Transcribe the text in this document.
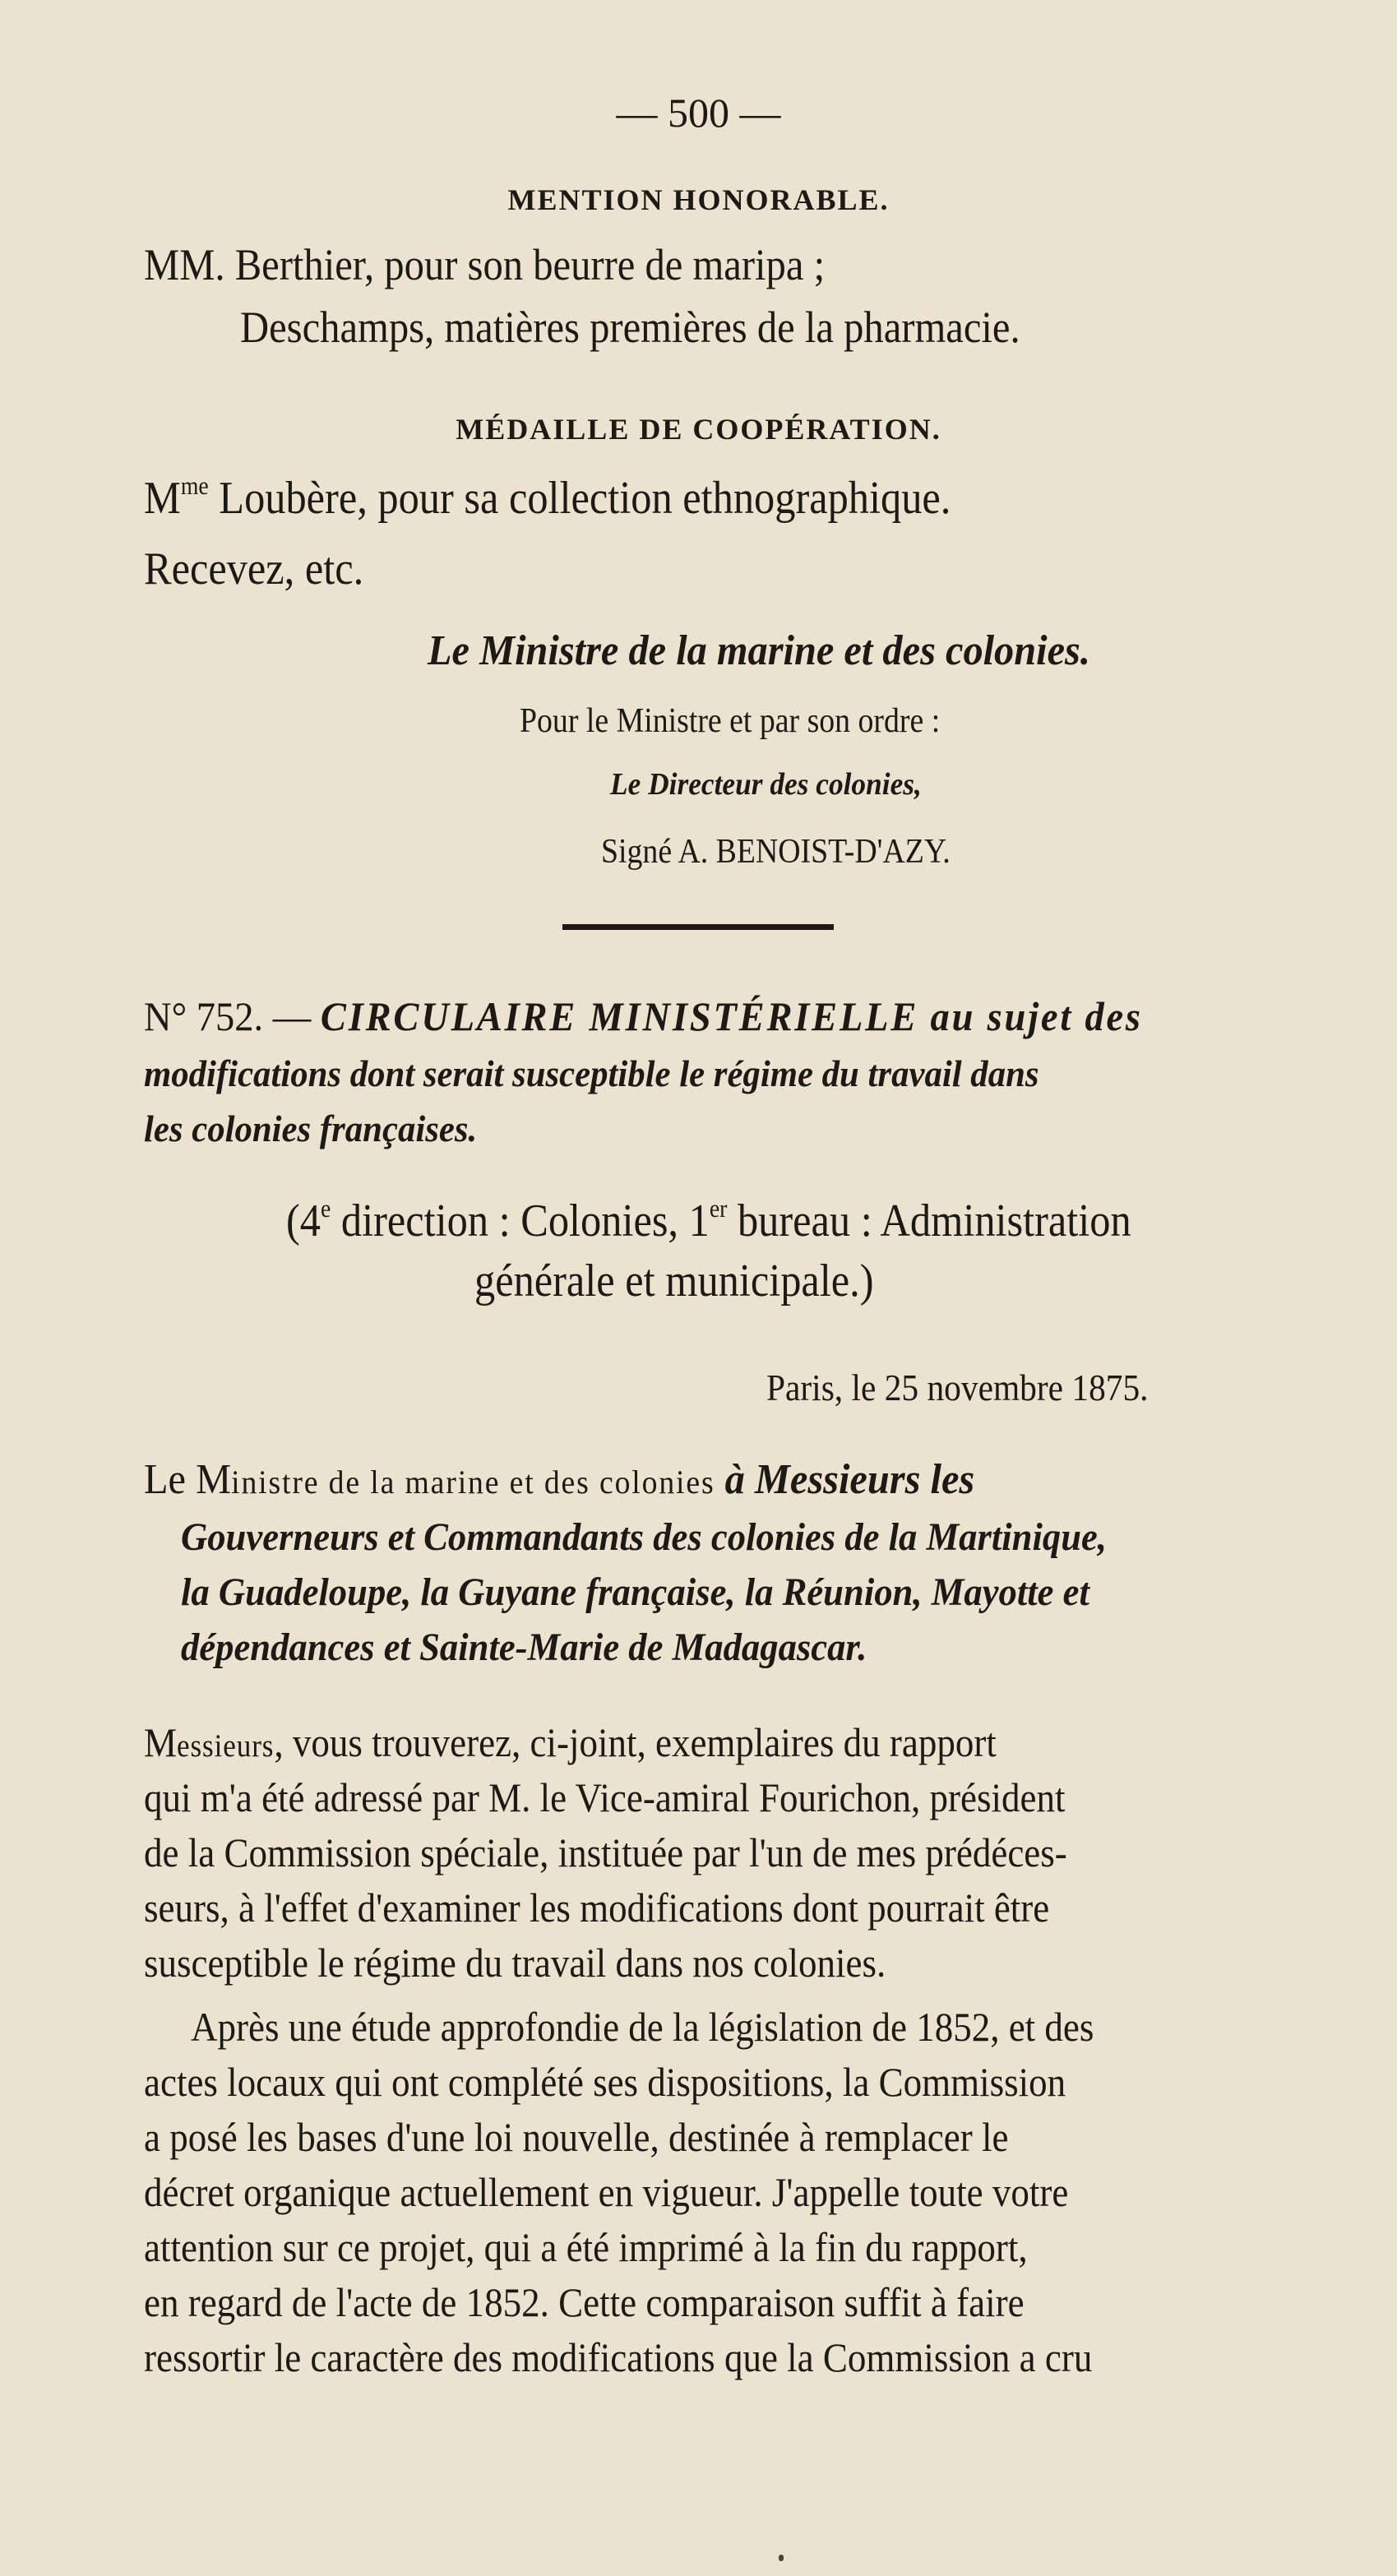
— 500 —
MENTION HONORABLE.
MM. Berthier, pour son beurre de maripa ;
Deschamps, matières premières de la pharmacie.
MÉDAILLE DE COOPÉRATION.
$M^{me}$ Loubère, pour sa collection ethnographique.
Recevez, etc.
Le Ministre de la marine et des colonies.
Pour le Ministre et par son ordre :
Le Directeur des colonies,
Signé A. BENOIST-D'AZY.
N° 752. — CIRCULAIRE MINISTÉRIELLE au sujet des
modifications dont serait susceptible le régime du travail dans
les colonies françaises.
(4e direction : Colonies, 1er bureau : Administration
générale et municipale.)
Paris, le 25 novembre 1875.
Le Ministre de la marine et des colonies à Messieurs les
Gouverneurs et Commandants des colonies de la Martinique,
la Guadeloupe, la Guyane française, la Réunion, Mayotte et
dépendances et Sainte-Marie de Madagascar.
Messieurs, vous trouverez, ci-joint, exemplaires du rapport
qui m'a été adressé par M. le Vice-amiral Fourichon, président
de la Commission spéciale, instituée par l'un de mes prédéces-
seurs, à l'effet d'examiner les modifications dont pourrait être
susceptible le régime du travail dans nos colonies.
Après une étude approfondie de la législation de 1852, et des
actes locaux qui ont complété ses dispositions, la Commission
a posé les bases d'une loi nouvelle, destinée à remplacer le
décret organique actuellement en vigueur. J'appelle toute votre
attention sur ce projet, qui a été imprimé à la fin du rapport,
en regard de l'acte de 1852. Cette comparaison suffit à faire
ressortir le caractère des modifications que la Commission a cru
